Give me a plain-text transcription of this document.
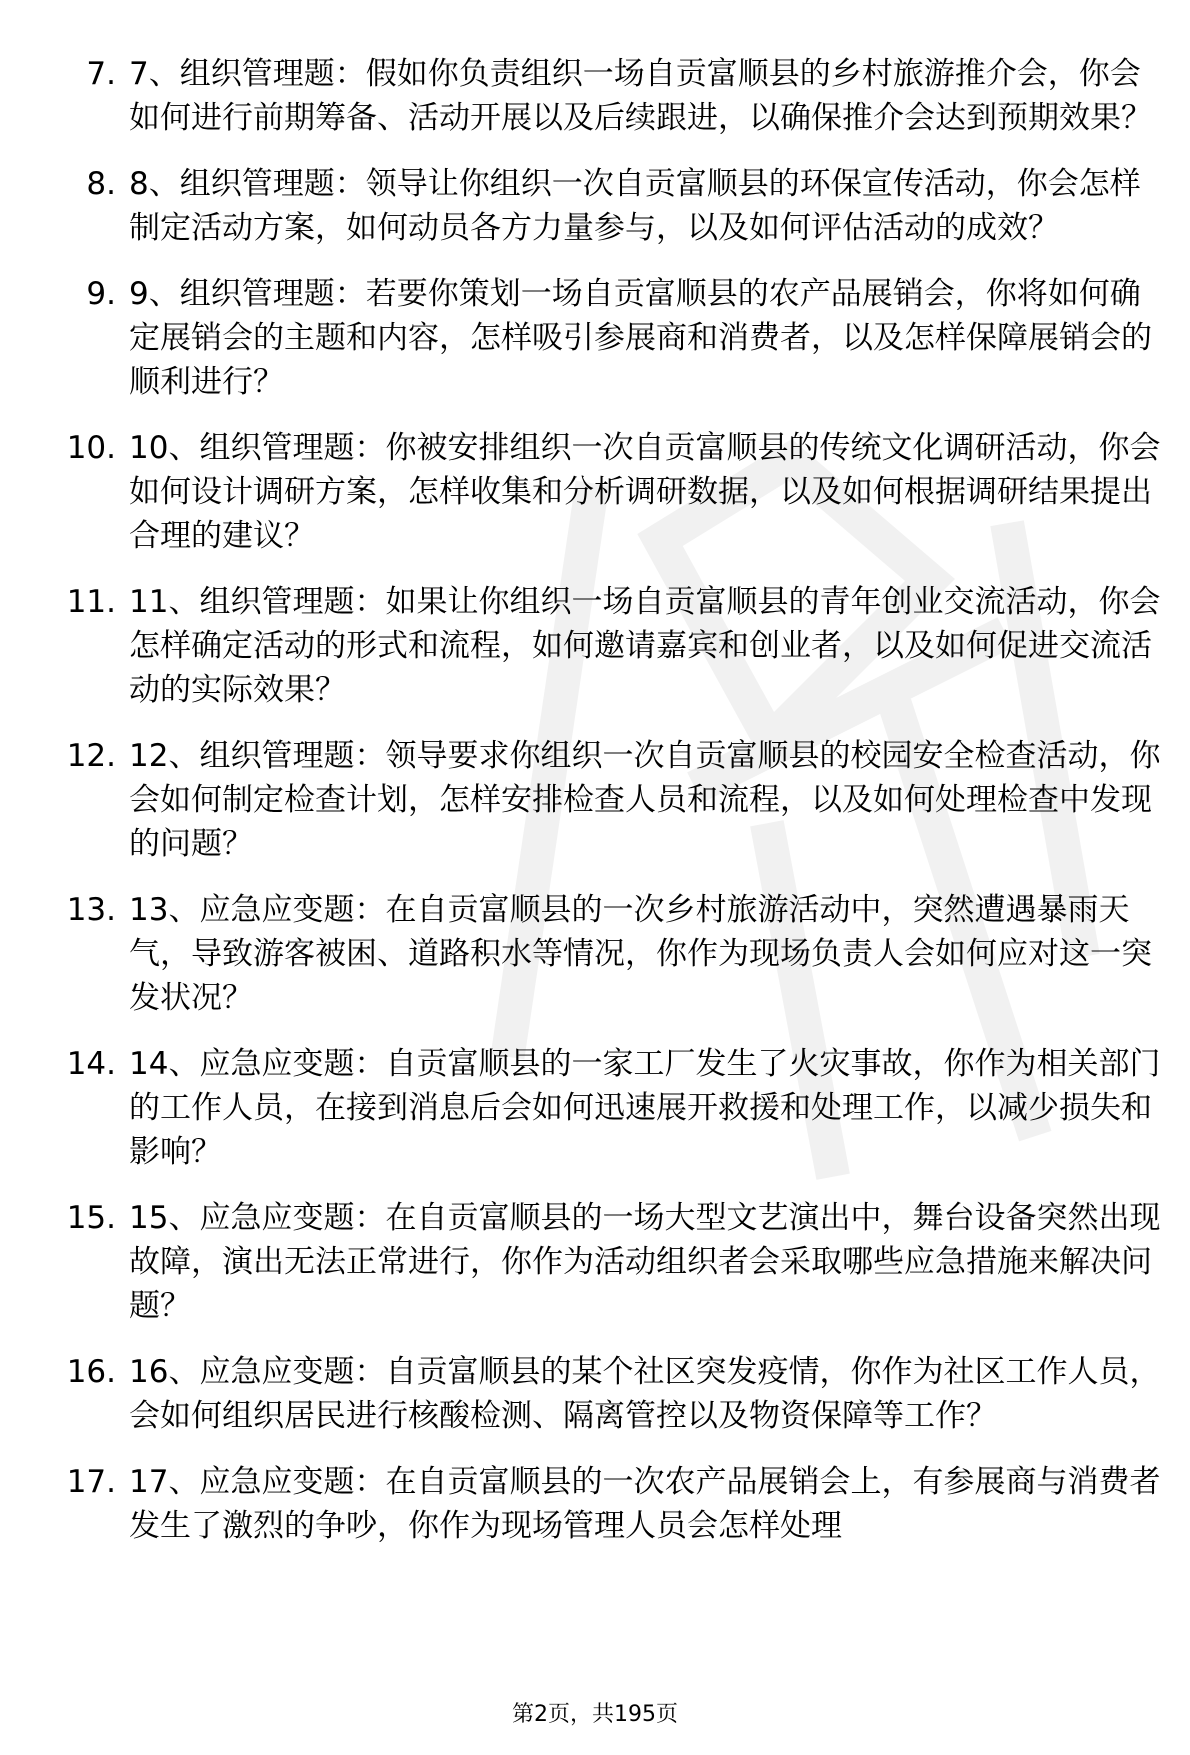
7. 7、组织管理题：假如你负责组织一场自贡富顺县的乡村旅游推介会，你会如何进行前期筹备、活动开展以及后续跟进，以确保推介会达到预期效果？
8. 8、组织管理题：领导让你组织一次自贡富顺县的环保宣传活动，你会怎样制定活动方案，如何动员各方力量参与，以及如何评估活动的成效？
9. 9、组织管理题：若要你策划一场自贡富顺县的农产品展销会，你将如何确定展销会的主题和内容，怎样吸引参展商和消费者，以及怎样保障展销会的顺利进行？
10. 10、组织管理题：你被安排组织一次自贡富顺县的传统文化调研活动，你会如何设计调研方案，怎样收集和分析调研数据，以及如何根据调研结果提出合理的建议？
11. 11、组织管理题：如果让你组织一场自贡富顺县的青年创业交流活动，你会怎样确定活动的形式和流程，如何邀请嘉宾和创业者，以及如何促进交流活动的实际效果？
12. 12、组织管理题：领导要求你组织一次自贡富顺县的校园安全检查活动，你会如何制定检查计划，怎样安排检查人员和流程，以及如何处理检查中发现的问题？
13. 13、应急应变题：在自贡富顺县的一次乡村旅游活动中，突然遭遇暴雨天气，导致游客被困、道路积水等情况，你作为现场负责人会如何应对这一突发状况？
14. 14、应急应变题：自贡富顺县的一家工厂发生了火灾事故，你作为相关部门的工作人员，在接到消息后会如何迅速展开救援和处理工作，以减少损失和影响？
15. 15、应急应变题：在自贡富顺县的一场大型文艺演出中，舞台设备突然出现故障，演出无法正常进行，你作为活动组织者会采取哪些应急措施来解决问题？
16. 16、应急应变题：自贡富顺县的某个社区突发疫情，你作为社区工作人员，会如何组织居民进行核酸检测、隔离管控以及物资保障等工作？
17. 17、应急应变题：在自贡富顺县的一次农产品展销会上，有参展商与消费者发生了激烈的争吵，你作为现场管理人员会怎样处理
第2页，共195页
